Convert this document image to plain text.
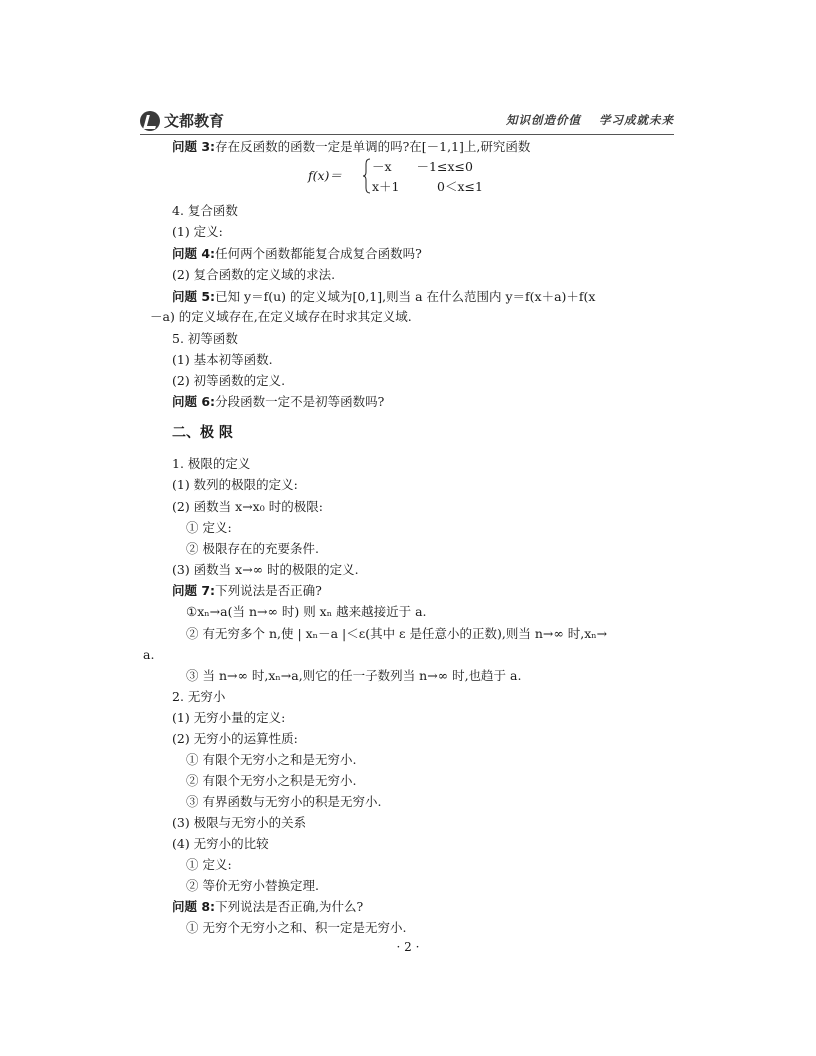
文都教育	知识创造价值 学习成就未来
问题 3:存在反函数的函数一定是单调的吗?在[－1,1]上,研究函数
f(x)＝
－x　　－1≤x≤0
x＋1　　　0＜x≤1
4. 复合函数
(1) 定义:
问题 4:任何两个函数都能复合成复合函数吗?
(2) 复合函数的定义域的求法.
问题 5:已知 y＝f(u) 的定义域为[0,1],则当 a 在什么范围内 y＝f(x＋a)＋f(x
－a) 的定义域存在,在定义域存在时求其定义域.
5. 初等函数
(1) 基本初等函数.
(2) 初等函数的定义.
问题 6:分段函数一定不是初等函数吗?
二、极 限
1. 极限的定义
(1) 数列的极限的定义:
(2) 函数当 x→x₀ 时的极限:
① 定义:
② 极限存在的充要条件.
(3) 函数当 x→∞ 时的极限的定义.
问题 7:下列说法是否正确?
①xₙ→a(当 n→∞ 时) 则 xₙ 越来越接近于 a.
② 有无穷多个 n,使 | xₙ－a |＜ε(其中 ε 是任意小的正数),则当 n→∞ 时,xₙ→
a.
③ 当 n→∞ 时,xₙ→a,则它的任一子数列当 n→∞ 时,也趋于 a.
2. 无穷小
(1) 无穷小量的定义:
(2) 无穷小的运算性质:
① 有限个无穷小之和是无穷小.
② 有限个无穷小之积是无穷小.
③ 有界函数与无穷小的积是无穷小.
(3) 极限与无穷小的关系
(4) 无穷小的比较
① 定义:
② 等价无穷小替换定理.
问题 8:下列说法是否正确,为什么?
① 无穷个无穷小之和、积一定是无穷小.
· 2 ·
